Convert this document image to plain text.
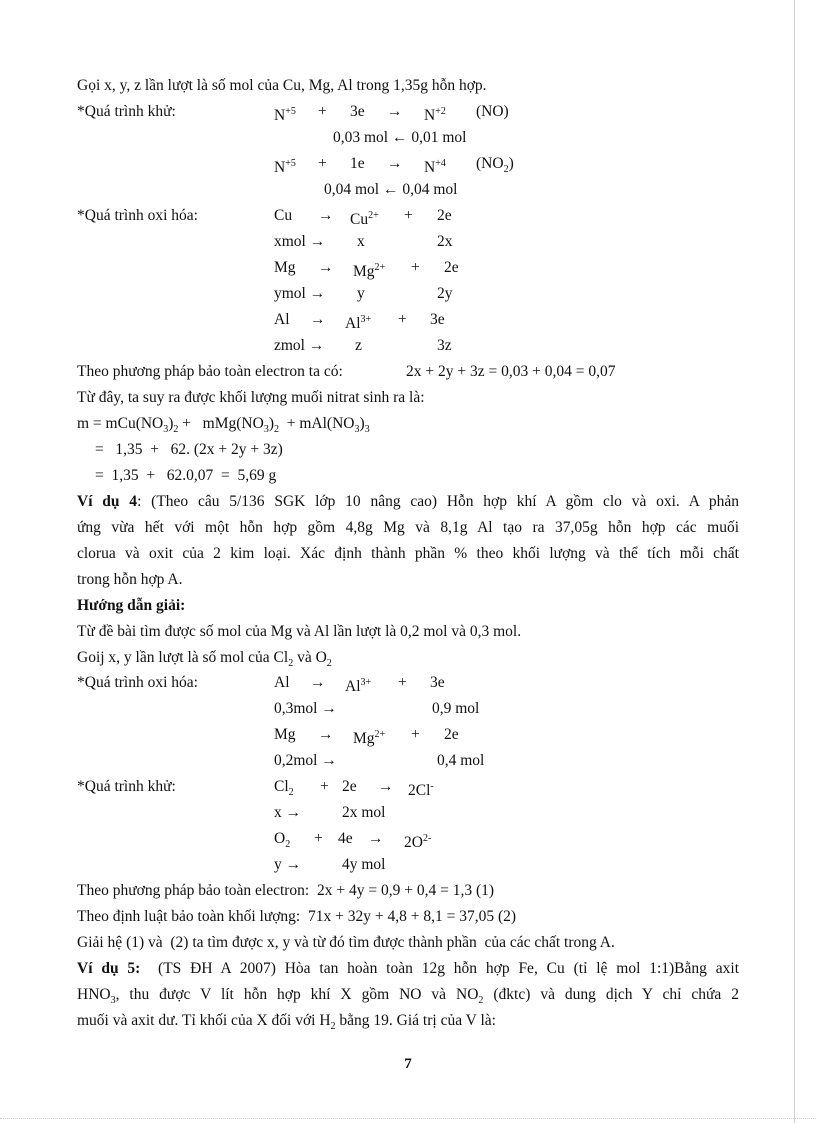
Gọi x, y, z lần lượt là số mol của Cu, Mg, Al trong 1,35g hỗn hợp.
*Quá trình khử:	$N^{+5} + 3e \to N^{+2}$ (NO)
0,03 mol ← 0,01 mol
$N^{+5} + 1e \to N^{+4}$ $(NO_2)$
0,04 mol ← 0,04 mol
*Quá trình oxi hóa:	$Cu \to Cu^{2+} + 2e$
xmol → x	2x
$Mg \to Mg^{2+} + 2e$
ymol → y	2y
$Al \to Al^{3+} + 3e$
zmol → z	3z
Theo phương pháp bảo toàn electron ta có:	2x + 2y + 3z = 0,03 + 0,04 = 0,07
Từ đây, ta suy ra được khối lượng muối nitrat sinh ra là:
$m = mCu(NO_3)_2 + mMg(NO_3)_2 + mAl(NO_3)_3$
=   1,35  +   62. (2x + 2y + 3z)
=  1,35  +   62.0,07  =  5,69 g
Ví dụ 4: (Theo câu 5/136 SGK lớp 10 nâng cao) Hỗn hợp khí A gồm clo và oxi. A phản
ứng vừa hết với một hỗn hợp gồm 4,8g Mg và 8,1g Al tạo ra 37,05g hỗn hợp các muối
clorua và oxit của 2 kim loại. Xác định thành phần % theo khối lượng và thể tích mỗi chất
trong hỗn hợp A.
Hướng dẫn giải:
Từ đề bài tìm được số mol của Mg và Al lần lượt là 0,2 mol và 0,3 mol.
Goij x, y lần lượt là số mol của $Cl_2$ và $O_2$
*Quá trình oxi hóa:	$Al \to Al^{3+} + 3e$
0,3mol →	0,9 mol
$Mg \to Mg^{2+} + 2e$
0,2mol →	0,4 mol
*Quá trình khử:	$Cl_2 + 2e \to 2Cl^-$
x →	2x mol
$O_2 + 4e \to 2O^{2-}$
y →	4y mol
Theo phương pháp bảo toàn electron:  2x + 4y = 0,9 + 0,4 = 1,3 (1)
Theo định luật bảo toàn khối lượng:  71x + 32y + 4,8 + 8,1 = 37,05 (2)
Giải hệ (1) và  (2) ta tìm được x, y và từ đó tìm được thành phần  của các chất trong A.
Ví dụ 5:  (TS ĐH A 2007) Hòa tan hoàn toàn 12g hỗn hợp Fe, Cu (tỉ lệ mol 1:1)Bằng axit
$HNO_3$, thu được V lít hỗn hợp khí X gồm NO và $NO_2$ (đktc) và dung dịch Y chỉ chứa 2
muối và axit dư. Tỉ khối của X đối với $H_2$ bằng 19. Giá trị của V là:
7
